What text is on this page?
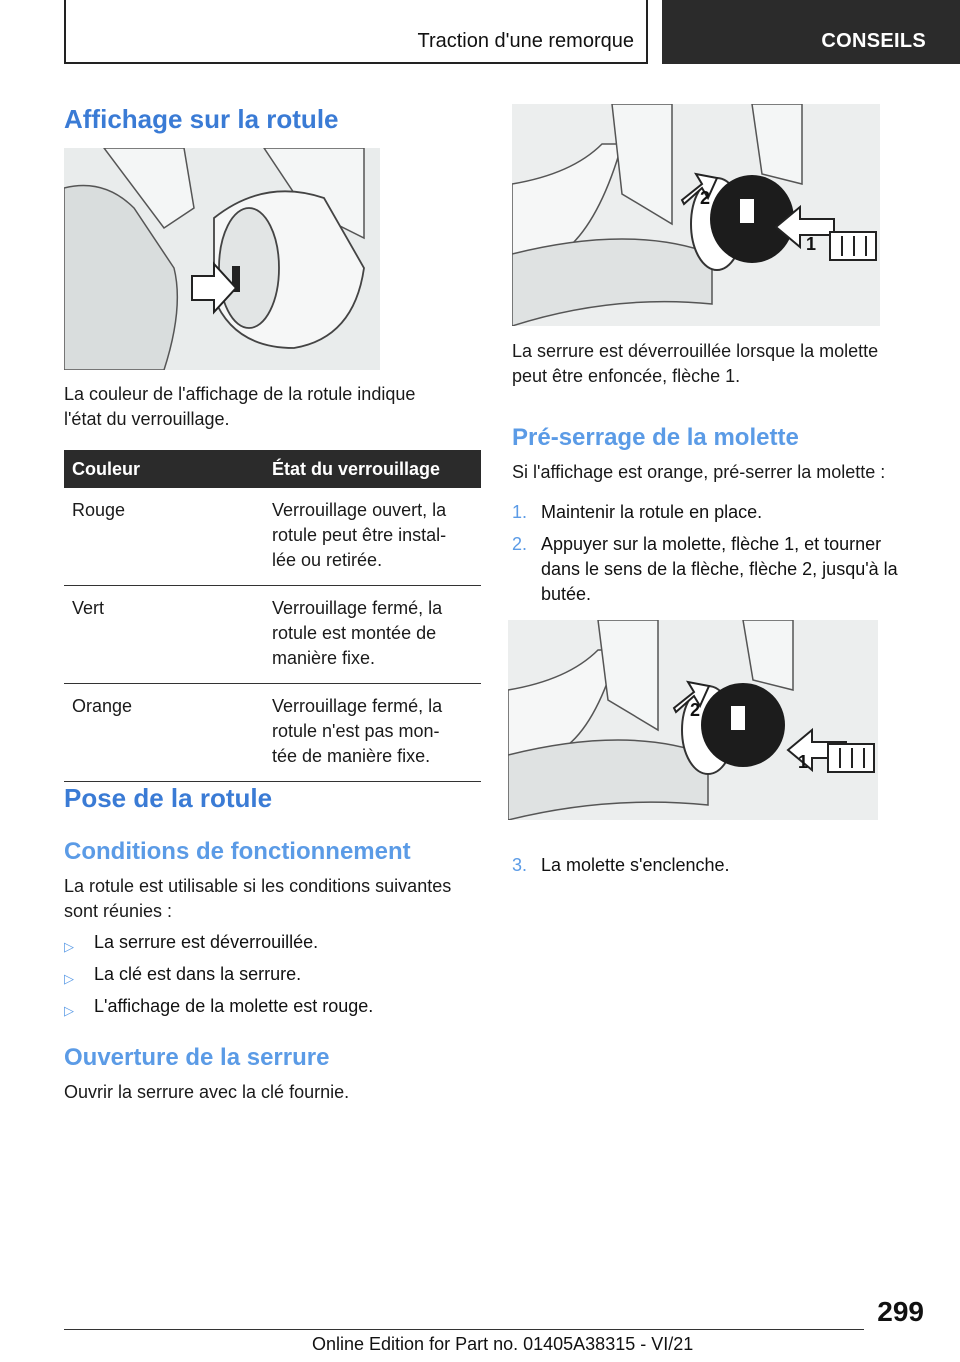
Traction d'une remorque	CONSEILS
Affichage sur la rotule

La couleur de l'affichage de la rotule indique
l'état du verrouillage.

Couleur	État du verrouillage
Rouge	Verrouillage ouvert, la
rotule peut être instal-
lée ou retirée.
Vert	Verrouillage fermé, la
rotule est montée de
manière fixe.
Orange	Verrouillage fermé, la
rotule n'est pas mon-
tée de manière fixe.
Pose de la rotule
Conditions de fonctionnement

La rotule est utilisable si les conditions suivantes
sont réunies :

▷ La serrure est déverrouillée.
▷ La clé est dans la serrure.
▷ L'affichage de la molette est rouge.
Ouverture de la serrure

Ouvrir la serrure avec la clé fournie.

2
1

La serrure est déverrouillée lorsque la molette
peut être enfoncée, flèche 1.

Pré-serrage de la molette

Si l'affichage est orange, pré-serrer la molette :

1. Maintenir la rotule en place.
2. Appuyer sur la molette, flèche 1, et tourner
dans le sens de la flèche, flèche 2, jusqu'à la
butée.
2
1
3. La molette s'enclenche.
299
Online Edition for Part no. 01405A38315 - VI/21
